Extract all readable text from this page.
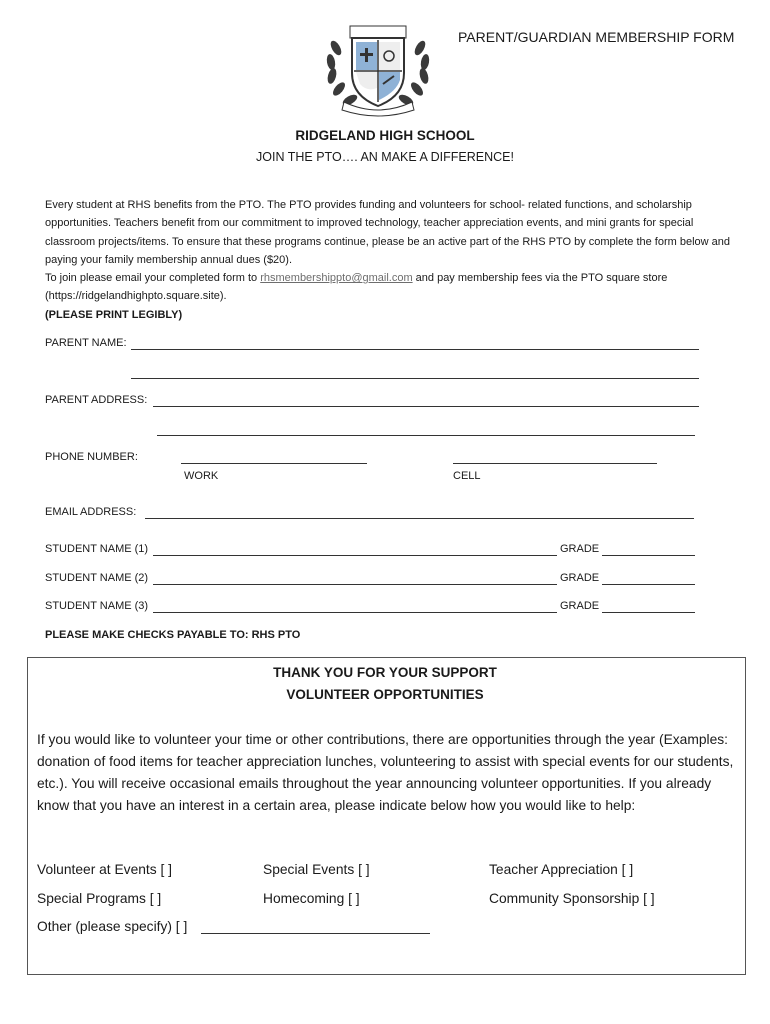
PARENT/GUARDIAN MEMBERSHIP FORM
RIDGELAND HIGH SCHOOL
JOIN THE PTO…. AN MAKE A DIFFERENCE!

Every student at RHS benefits from the PTO. The PTO provides funding and volunteers for school- related functions, and scholarship opportunities. Teachers benefit from our commitment to improved technology, teacher appreciation events, and mini grants for special classroom projects/items. To ensure that these programs continue, please be an active part of the RHS PTO by complete the form below and paying your family membership annual dues ($20).

To join please email your completed form to rhsmembershippto@gmail.com and pay membership fees via the PTO square store (https://ridgelandhighpto.square.site).

(PLEASE PRINT LEGIBLY)

PARENT NAME:
PARENT ADDRESS:
PHONE NUMBER:
WORK	CELL
EMAIL ADDRESS:
STUDENT NAME (1)	GRADE
STUDENT NAME (2)	GRADE
STUDENT NAME (3)	GRADE
PLEASE MAKE CHECKS PAYABLE TO: RHS PTO
THANK YOU FOR YOUR SUPPORT
VOLUNTEER OPPORTUNITIES
If you would like to volunteer your time or other contributions, there are opportunities through the year (Examples: donation of food items for teacher appreciation lunches, volunteering to assist with special events for our students, etc.). You will receive occasional emails throughout the year announcing volunteer opportunities. If you already know that you have an interest in a certain area, please indicate below how you would like to help:
Volunteer at Events [ ]	Special Events [ ]	Teacher Appreciation [ ]
Special Programs [ ]	Homecoming [ ]	Community Sponsorship [ ]
Other (please specify) [ ]
